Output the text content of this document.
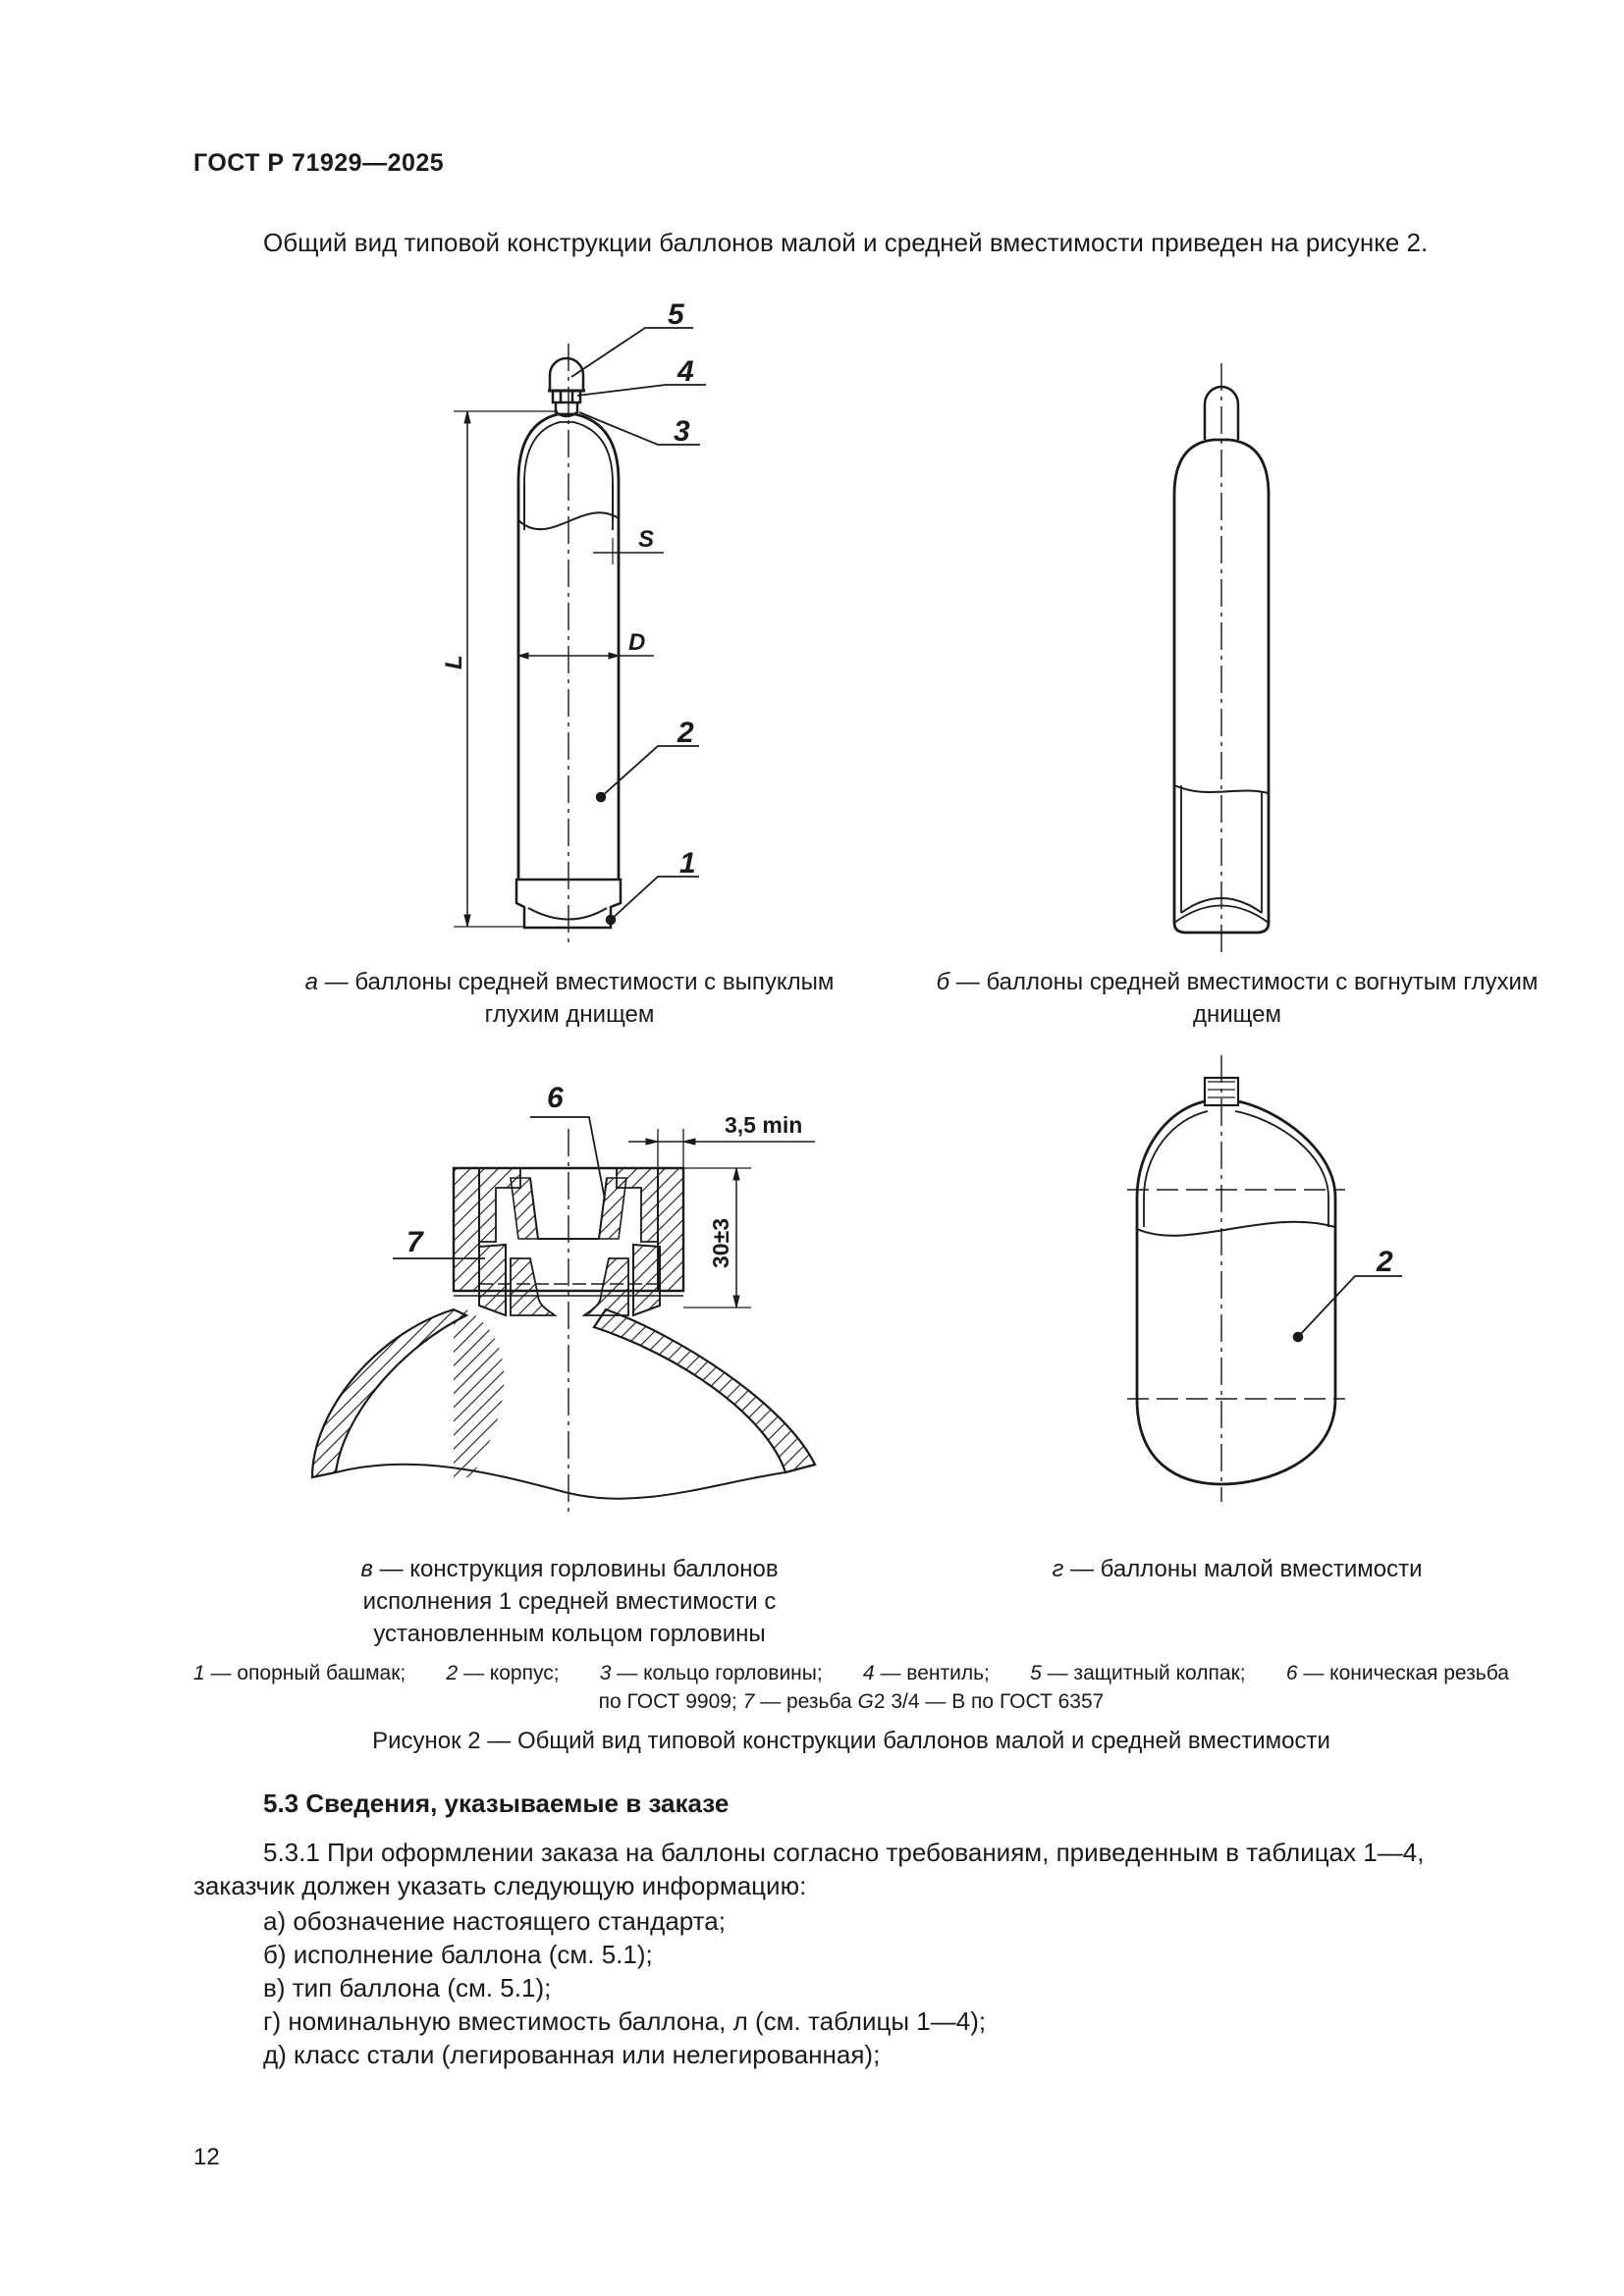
ГОСТ Р 71929—2025
Общий вид типовой конструкции баллонов малой и средней вместимости приведен на рисунке 2.
5
4
3
2
1
S
D
L
6
7
3,5 min
30±3	2
а — баллоны средней вместимости с выпуклым
глухим днищем
б — баллоны средней вместимости с вогнутым глухим
днищем
в — конструкция горловины баллонов
исполнения 1 средней вместимости с
установленным кольцом горловины
г — баллоны малой вместимости
1 — опорный башмак; 2 — корпус; 3 — кольцо горловины; 4 — вентиль; 5 — защитный колпак; 6 — коническая резьба
по ГОСТ 9909; 7 — резьба G2 3/4 — В по ГОСТ 6357
Рисунок 2 — Общий вид типовой конструкции баллонов малой и средней вместимости
5.3 Сведения, указываемые в заказе
5.3.1 При оформлении заказа на баллоны согласно требованиям, приведенным в таблицах 1—4,
заказчик должен указать следующую информацию:
а) обозначение настоящего стандарта;
б) исполнение баллона (см. 5.1);
в) тип баллона (см. 5.1);
г) номинальную вместимость баллона, л (см. таблицы 1—4);
д) класс стали (легированная или нелегированная);
12
